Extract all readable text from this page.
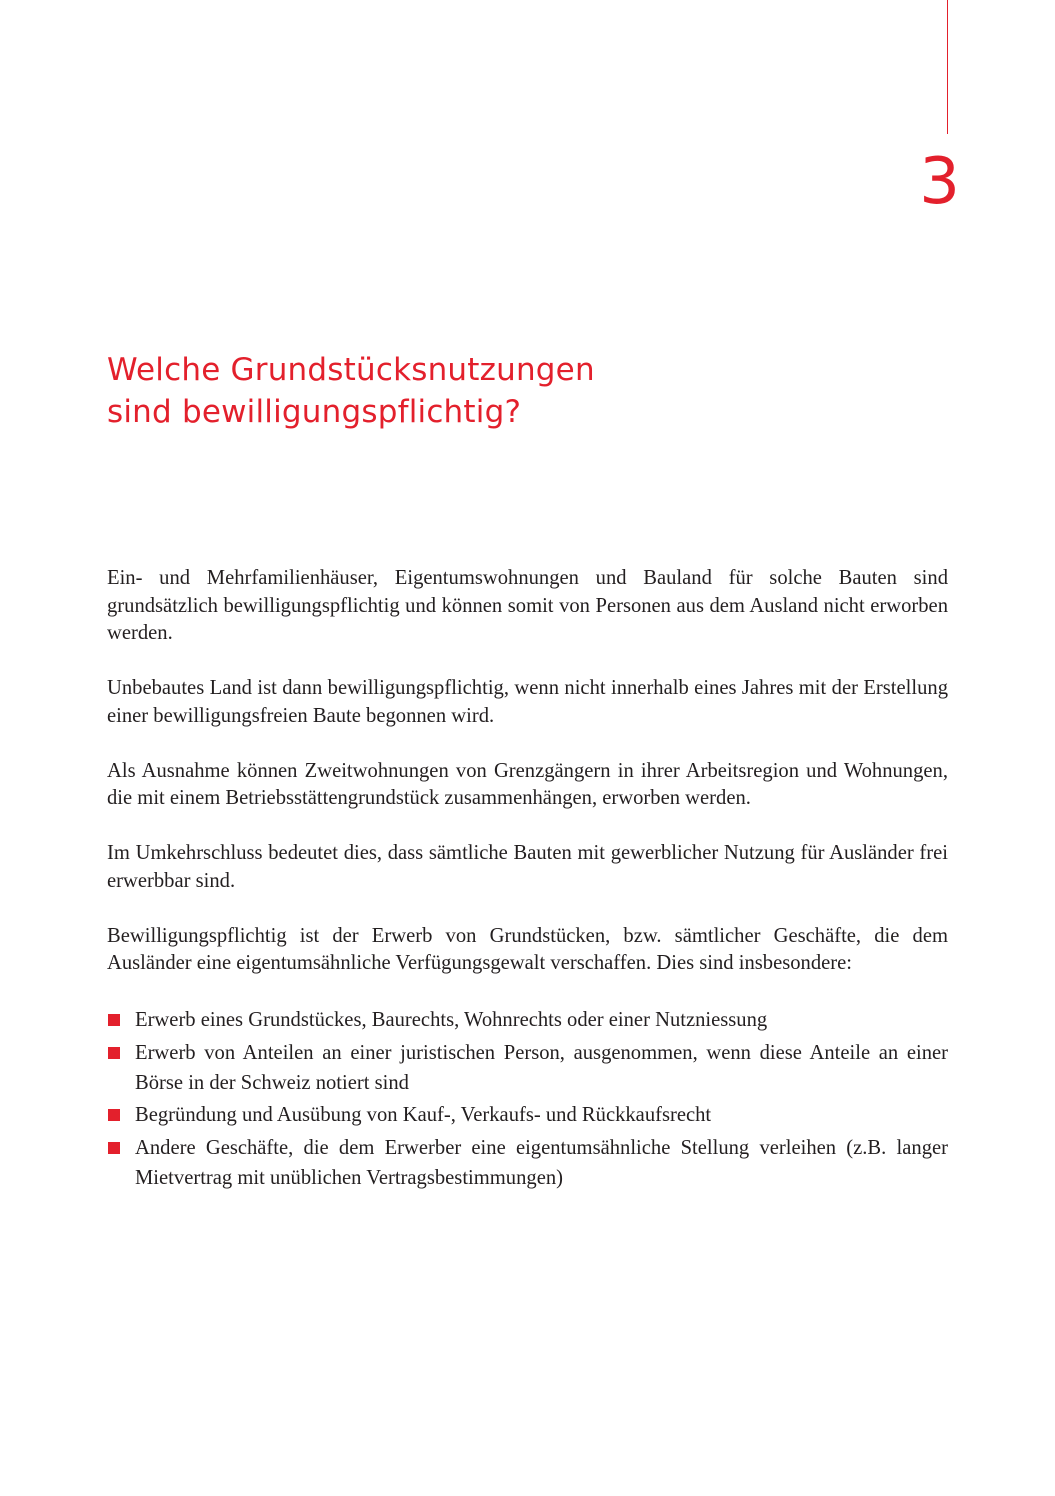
3
Welche Grundstücksnutzungen
sind bewilligungspflichtig?

Ein- und Mehrfamilienhäuser, Eigentumswohnungen und Bauland für solche Bauten sind grundsätzlich bewilligungspflichtig und können somit von Personen aus dem Ausland nicht erworben werden.

Unbebautes Land ist dann bewilligungspflichtig, wenn nicht innerhalb eines Jahres mit der Erstellung einer bewilligungsfreien Baute begonnen wird.

Als Ausnahme können Zweitwohnungen von Grenzgängern in ihrer Arbeitsregion und Wohnungen, die mit einem Betriebsstättengrundstück zusammenhängen, erworben werden.

Im Umkehrschluss bedeutet dies, dass sämtliche Bauten mit gewerblicher Nutzung für Ausländer frei erwerbbar sind.

Bewilligungspflichtig ist der Erwerb von Grundstücken, bzw. sämtlicher Geschäfte, die dem Ausländer eine eigentumsähnliche Verfügungsgewalt verschaffen. Dies sind insbesondere:

Erwerb eines Grundstückes, Baurechts, Wohnrechts oder einer Nutzniessung
Erwerb von Anteilen an einer juristischen Person, ausgenommen, wenn diese Anteile an einer Börse in der Schweiz notiert sind
Begründung und Ausübung von Kauf-, Verkaufs- und Rückkaufsrecht
Andere Geschäfte, die dem Erwerber eine eigentumsähnliche Stellung verleihen (z.B. langer Mietvertrag mit unüblichen Vertragsbestimmungen)
